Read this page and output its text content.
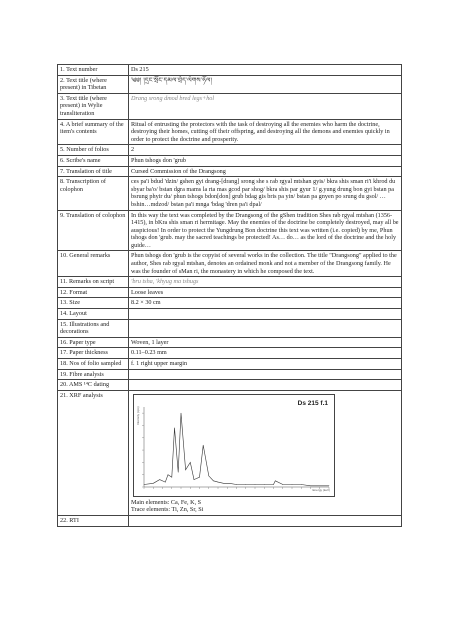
1. Text number	Ds 215
2. Text title (where present) in Tibetan	༄༅། །དྲང་སྲོང་དམལ་བྲེད་ལེགས་ཧོལ།
3. Text title (where present) in Wylie transliteration	Drang srong dmod bred legs+hol
4. A brief summary of the item's contents	Ritual of entrusting the protectors with the task of destroying all the enemies who harm the doctrine, destroying their homes, cutting off their offspring, and destroying all the demons and enemies quickly in order to protect the doctrine and prosperity.
5. Number of folios	2
6. Scribe's name	Phun tshogs don 'grub
7. Translation of title	Cursed Commission of the Drangsong
8. Transcription of colophon	ces pa'i bdud 'dzin/ gshen gyi drang-[drang] srong she s rab rgyal mtshan gyis/ bkra shis sman ri'i khrod du sbyar ba'o/ bstan dgra mams la rta mas gcod par shog/ bkra shis par gyur 1/ g.yung drung bon gyi bstan pa bsrung phyir du/ phun tshogs bdon[don] grub bdag gis bris pa yin/ bstan pa gnyen po srung du gsol/ … bshin…mdzod/ bstan pa'i mnga 'bdag 'dren pa'i dpal/
9. Translation of colophon	In this way the text was completed by the Drangsong of the gShen tradition Shes rab rgyal mtshan (1356-1415), in bKra shis sman ri hermitage. May the enemies of the doctrine be completely destroyed, may all be auspicious! In order to protect the Yungdrung Bon doctrine this text was written (i.e. copied) by me, Phun tshogs don 'grub. may the sacred teachings be protected! As… do… as the lord of the doctrine and the holy guide…
10. General remarks	Phun tshogs don 'grub is the copyist of several works in the collection. The title "Drangsong" applied to the author, Shes rab rgyal mtshan, denotes an ordained monk and not a member of the Drangsong family. He was the founder of sMan ri, the monastery in which he composed the text.
11. Remarks on script	'bru tsha, 'khyug ma tshugs
12. Format	Loose leaves
13. Size	8.2 × 30 cm
14. Layout	
15. Illustrations and decorations	
16. Paper type	Woven, 1 layer
17. Paper thickness	0.11–0.23 mm
18. Nos of folio sampled	f. 1 right upper margin
19. Fibre analysis	
20. AMS ¹⁴C dating	
21. XRF analysis	Ds 215 f.1
Intensity (cps)
Energy (keV)
Main elements: Ca, Fe, K, S
Trace elements: Ti, Zn, Sr, Si

22. RTI	
